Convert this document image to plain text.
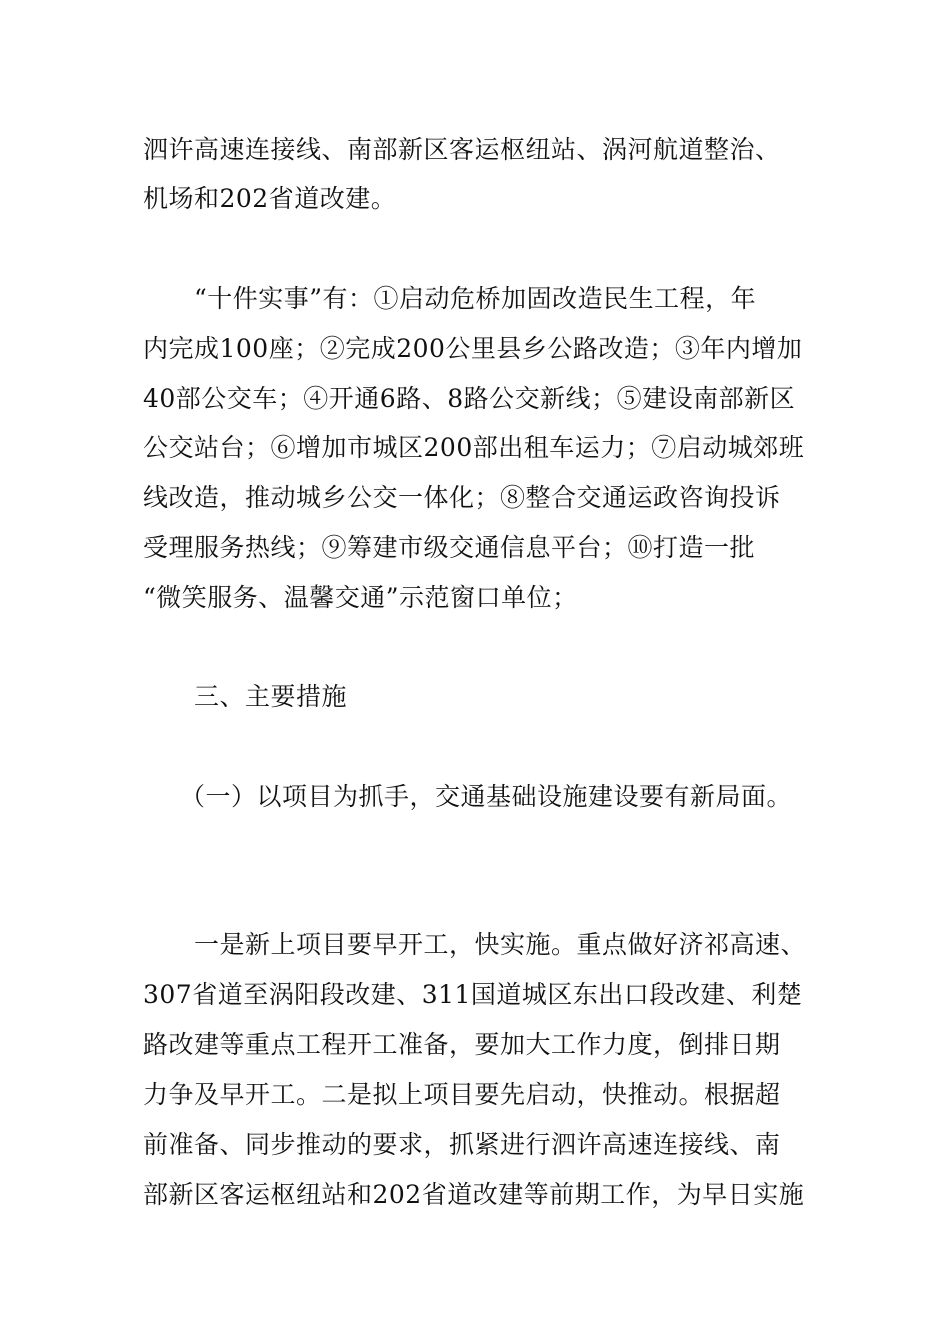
泗许高速连接线、南部新区客运枢纽站、涡河航道整治、

机场和202省道改建。

“十件实事”有：①启动危桥加固改造民生工程，年

内完成100座；②完成200公里县乡公路改造；③年内增加

40部公交车；④开通6路、8路公交新线；⑤建设南部新区

公交站台；⑥增加市城区200部出租车运力；⑦启动城郊班

线改造，推动城乡公交一体化；⑧整合交通运政咨询投诉

受理服务热线；⑨筹建市级交通信息平台；⑩打造一批

“微笑服务、温馨交通”示范窗口单位；

三、主要措施

（一）以项目为抓手，交通基础设施建设要有新局面。

一是新上项目要早开工，快实施。重点做好济祁高速、

307省道至涡阳段改建、311国道城区东出口段改建、利楚

路改建等重点工程开工准备，要加大工作力度，倒排日期

力争及早开工。二是拟上项目要先启动，快推动。根据超

前准备、同步推动的要求，抓紧进行泗许高速连接线、南

部新区客运枢纽站和202省道改建等前期工作，为早日实施
